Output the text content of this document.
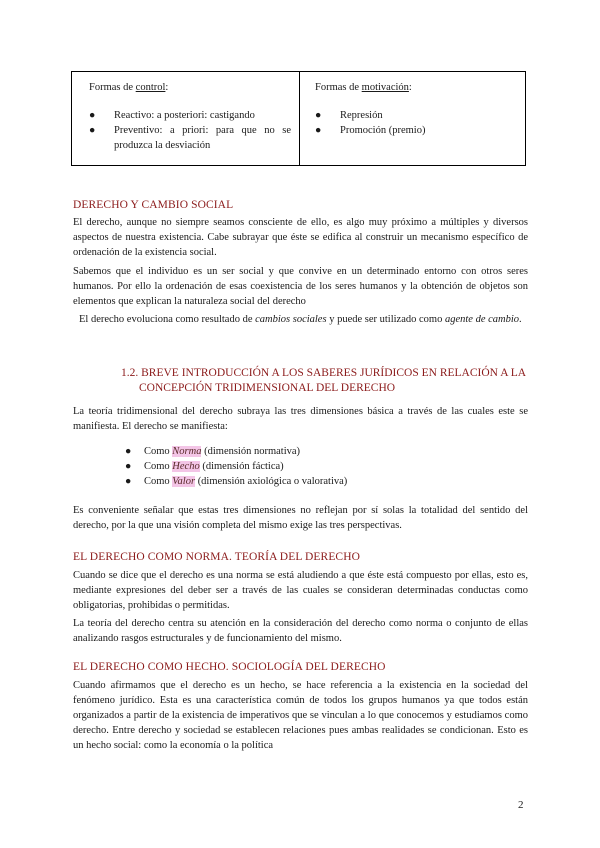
Formas de control:

● Reactivo: a posteriori: castigando
● Preventivo: a priori: para que no se produzca la desviación

Formas de motivación:

● Represión
● Promoción (premio)
DERECHO Y CAMBIO SOCIAL

El derecho, aunque no siempre seamos consciente de ello, es algo muy próximo a múltiples y diversos aspectos de nuestra existencia. Cabe subrayar que éste se edifica al construir un mecanismo específico de ordenación de la existencia social.

Sabemos que el individuo es un ser social y que convive en un determinado entorno con otros seres humanos. Por ello la ordenación de esas coexistencia de los seres humanos y la obtención de objetos son elementos que explican la naturaleza social del derecho

El derecho evoluciona como resultado de cambios sociales y puede ser utilizado como agente de cambio.

1.2. BREVE INTRODUCCIÓN A LOS SABERES JURÍDICOS EN RELACIÓN A LA
CONCEPCIÓN TRIDIMENSIONAL DEL DERECHO

La teoría tridimensional del derecho subraya las tres dimensiones básica a través de las cuales este se manifiesta. El derecho se manifiesta:

● Como Norma (dimensión normativa)
● Como Hecho (dimensión fáctica)
● Como Valor (dimensión axiológica o valorativa)

Es conveniente señalar que estas tres dimensiones no reflejan por sí solas la totalidad del sentido del derecho, por la que una visión completa del mismo exige las tres perspectivas.

EL DERECHO COMO NORMA. TEORÍA DEL DERECHO

Cuando se dice que el derecho es una norma se está aludiendo a que éste está compuesto por ellas, esto es, mediante expresiones del deber ser a través de las cuales se consideran determinadas conductas como obligatorias, prohibidas o permitidas.

La teoría del derecho centra su atención en la consideración del derecho como norma o conjunto de ellas analizando rasgos estructurales y de funcionamiento del mismo.

EL DERECHO COMO HECHO. SOCIOLOGÍA DEL DERECHO

Cuando afirmamos que el derecho es un hecho, se hace referencia a la existencia en la sociedad del fenómeno jurídico. Esta es una característica común de todos los grupos humanos ya que todos están organizados a partir de la existencia de imperativos que se vinculan a lo que conocemos y estudiamos como derecho. Entre derecho y sociedad se establecen relaciones pues ambas realidades se condicionan. Esto es un hecho social: como la economía o la política

2
